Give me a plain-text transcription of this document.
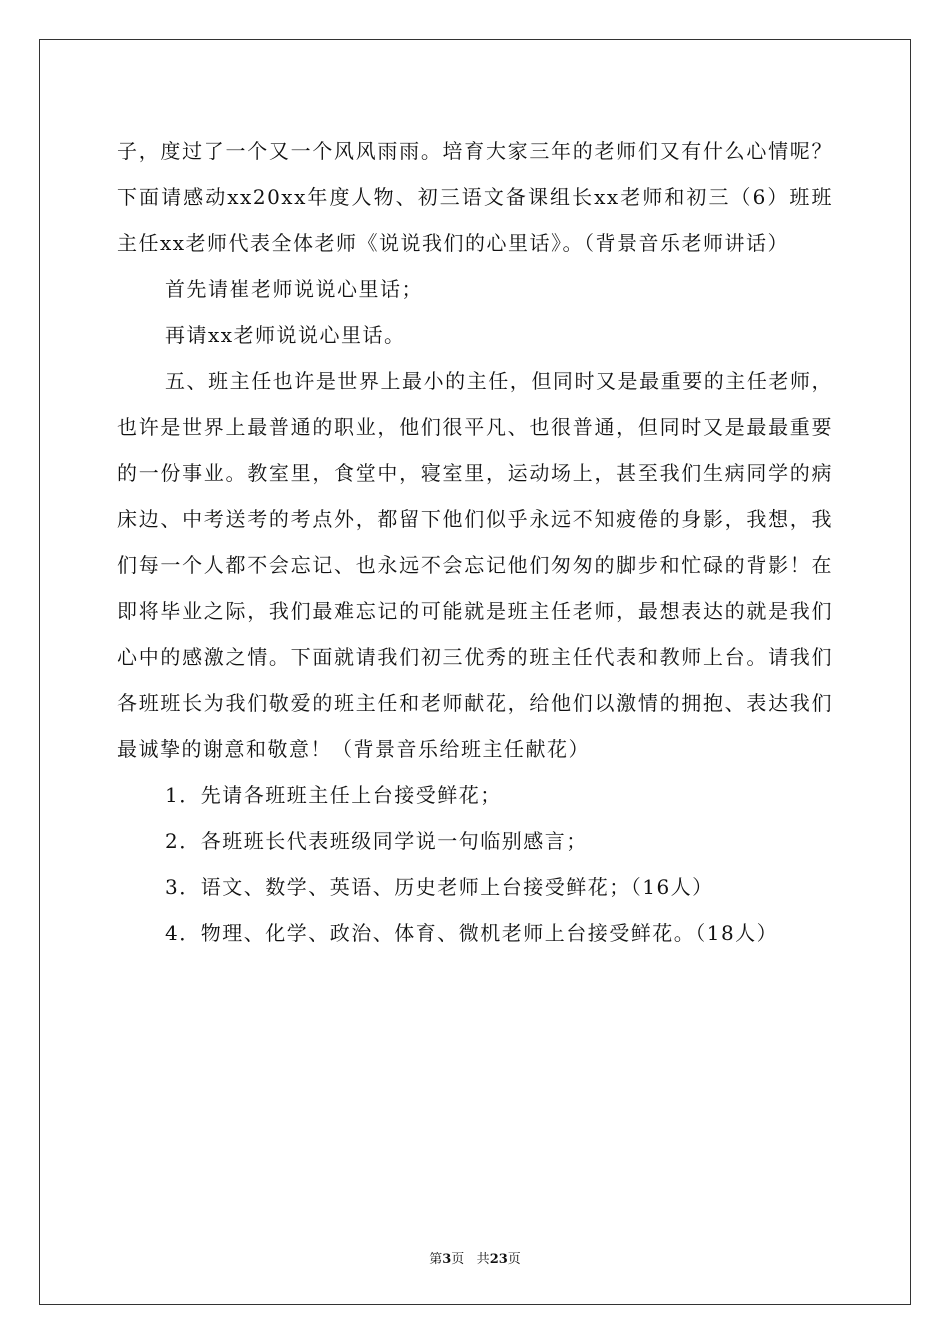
子，度过了一个又一个风风雨雨。培育大家三年的老师们又有什么心情呢？下面请感动xx20xx年度人物、初三语文备课组长xx老师和初三（6）班班主任xx老师代表全体老师《说说我们的心里话》。（背景音乐老师讲话）

首先请崔老师说说心里话；

再请xx老师说说心里话。

五、班主任也许是世界上最小的主任，但同时又是最重要的主任老师，也许是世界上最普通的职业，他们很平凡、也很普通，但同时又是最最重要的一份事业。教室里，食堂中，寝室里，运动场上，甚至我们生病同学的病床边、中考送考的考点外，都留下他们似乎永远不知疲倦的身影，我想，我们每一个人都不会忘记、也永远不会忘记他们匆匆的脚步和忙碌的背影！在即将毕业之际，我们最难忘记的可能就是班主任老师，最想表达的就是我们心中的感激之情。下面就请我们初三优秀的班主任代表和教师上台。请我们各班班长为我们敬爱的班主任和老师献花，给他们以激情的拥抱、表达我们最诚挚的谢意和敬意！（背景音乐给班主任献花）

1．先请各班班主任上台接受鲜花；

2．各班班长代表班级同学说一句临别感言；

3．语文、数学、英语、历史老师上台接受鲜花；（16人）

4．物理、化学、政治、体育、微机老师上台接受鲜花。（18人）

第3页 共23页
